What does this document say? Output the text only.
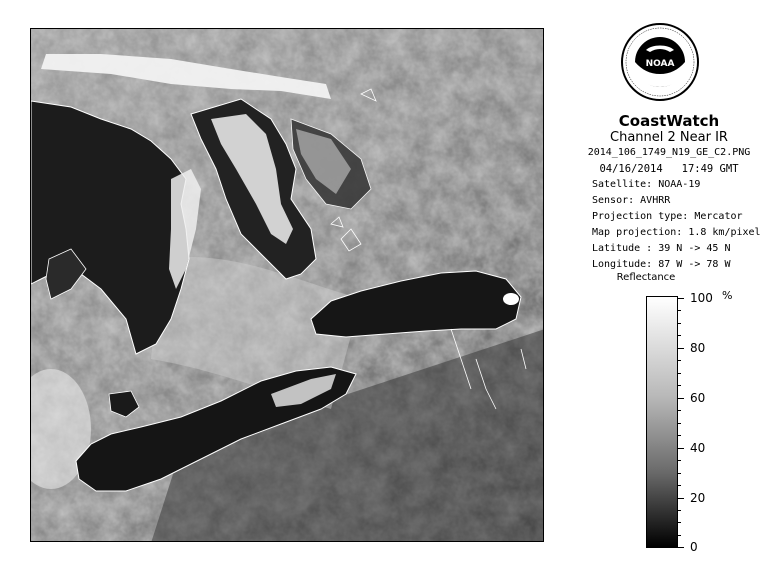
NOAA
CoastWatch
Channel 2 Near IR
2014_106_1749_N19_GE_C2.PNG
04/16/2014   17:49 GMT
Satellite: NOAA-19
Sensor: AVHRR
Projection type: Mercator
Map projection: 1.8 km/pixel
Latitude : 39 N -> 45 N
Longitude: 87 W -> 78 W
Reflectance
%
100
80
60
40
20
0
